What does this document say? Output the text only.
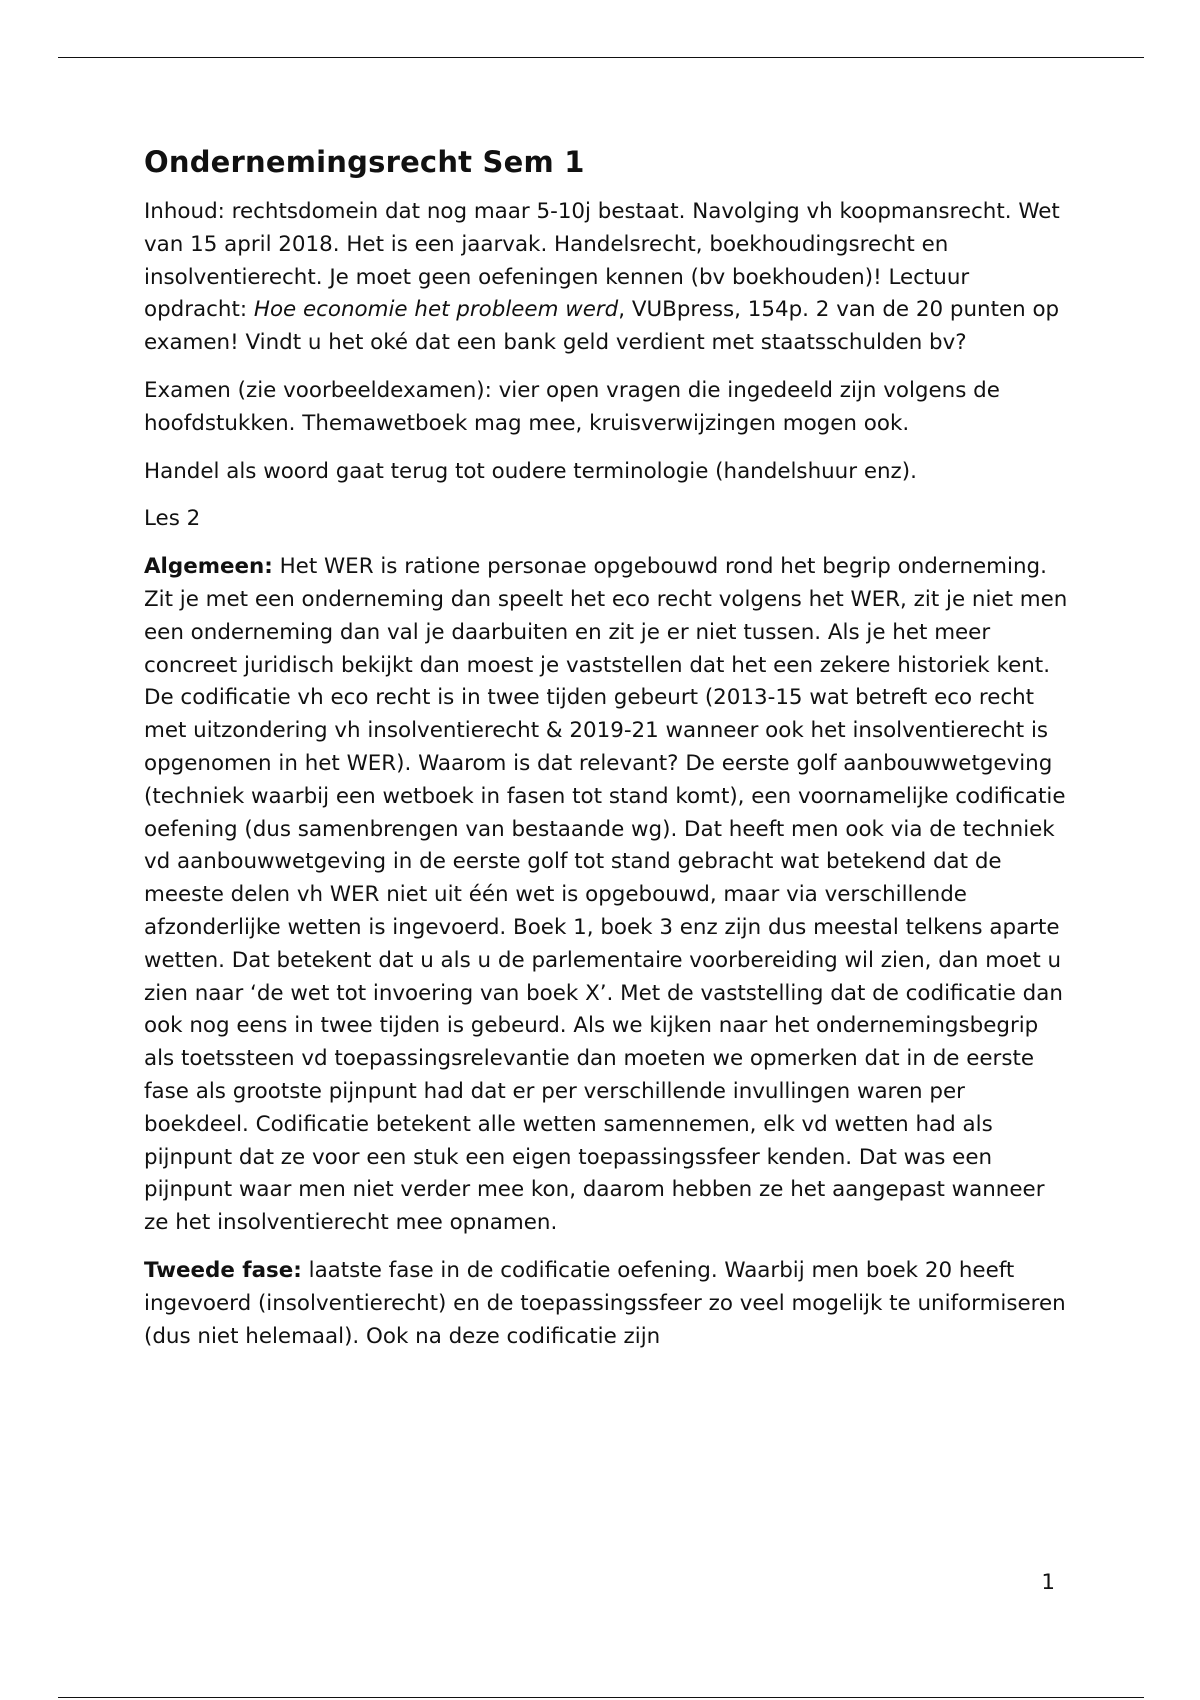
Ondernemingsrecht Sem 1

Inhoud: rechtsdomein dat nog maar 5-10j bestaat. Navolging vh koopmansrecht. Wet van 15 april 2018. Het is een jaarvak. Handelsrecht, boekhoudingsrecht en insolventierecht. Je moet geen oefeningen kennen (bv boekhouden)! Lectuur opdracht: Hoe economie het probleem werd, VUBpress, 154p. 2 van de 20 punten op examen! Vindt u het oké dat een bank geld verdient met staatsschulden bv?

Examen (zie voorbeeldexamen): vier open vragen die ingedeeld zijn volgens de hoofdstukken. Themawetboek mag mee, kruisverwijzingen mogen ook.

Handel als woord gaat terug tot oudere terminologie (handelshuur enz).

Les 2

Algemeen: Het WER is ratione personae opgebouwd rond het begrip onderneming. Zit je met een onderneming dan speelt het eco recht volgens het WER, zit je niet men een onderneming dan val je daarbuiten en zit je er niet tussen. Als je het meer concreet juridisch bekijkt dan moest je vaststellen dat het een zekere historiek kent. De codificatie vh eco recht is in twee tijden gebeurt (2013-15 wat betreft eco recht met uitzondering vh insolventierecht & 2019-21 wanneer ook het insolventierecht is opgenomen in het WER). Waarom is dat relevant? De eerste golf aanbouwwetgeving (techniek waarbij een wetboek in fasen tot stand komt), een voornamelijke codificatie oefening (dus samenbrengen van bestaande wg). Dat heeft men ook via de techniek vd aanbouwwetgeving in de eerste golf tot stand gebracht wat betekend dat de meeste delen vh WER niet uit één wet is opgebouwd, maar via verschillende afzonderlijke wetten is ingevoerd. Boek 1, boek 3 enz zijn dus meestal telkens aparte wetten. Dat betekent dat u als u de parlementaire voorbereiding wil zien, dan moet u zien naar ‘de wet tot invoering van boek X’. Met de vaststelling dat de codificatie dan ook nog eens in twee tijden is gebeurd. Als we kijken naar het ondernemingsbegrip als toetssteen vd toepassingsrelevantie dan moeten we opmerken dat in de eerste fase als grootste pijnpunt had dat er per verschillende invullingen waren per boekdeel. Codificatie betekent alle wetten samennemen, elk vd wetten had als pijnpunt dat ze voor een stuk een eigen toepassingssfeer kenden. Dat was een pijnpunt waar men niet verder mee kon, daarom hebben ze het aangepast wanneer ze het insolventierecht mee opnamen.

Tweede fase: laatste fase in de codificatie oefening. Waarbij men boek 20 heeft ingevoerd (insolventierecht) en de toepassingssfeer zo veel mogelijk te uniformiseren (dus niet helemaal). Ook na deze codificatie zijn

1
